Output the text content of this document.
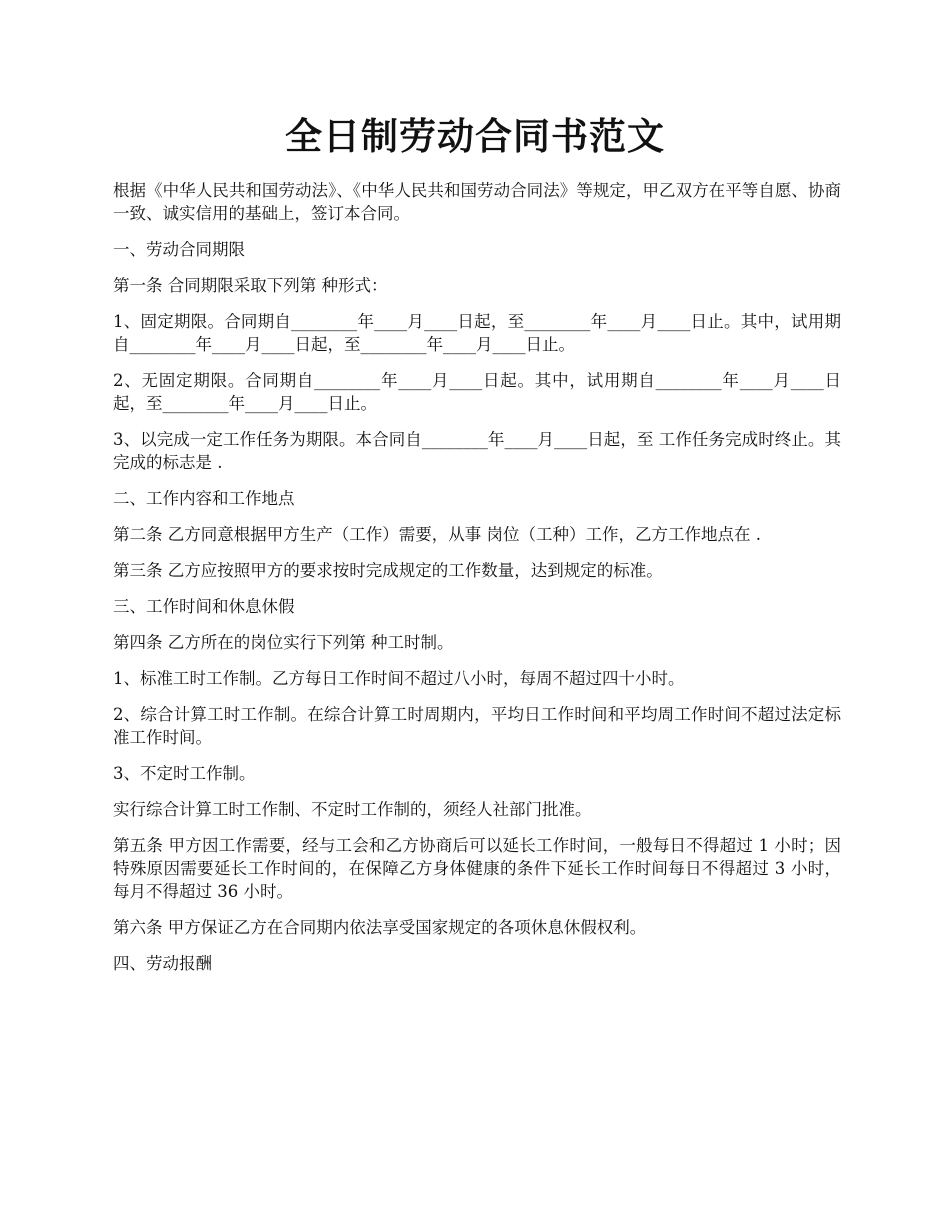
全日制劳动合同书范文

根据《中华人民共和国劳动法》、《中华人民共和国劳动合同法》等规定，甲乙双方在平等自愿、协商一致、诚实信用的基础上，签订本合同。

一、劳动合同期限

第一条 合同期限采取下列第 种形式：

1、固定期限。合同期自________年____月____日起，至________年____月____日止。其中，试用期自________年____月____日起，至________年____月____日止。

2、无固定期限。合同期自________年____月____日起。其中，试用期自________年____月____日起，至________年____月____日止。

3、以完成一定工作任务为期限。本合同自________年____月____日起，至 工作任务完成时终止。其完成的标志是 .

二、工作内容和工作地点

第二条 乙方同意根据甲方生产（工作）需要，从事 岗位（工种）工作，乙方工作地点在 .

第三条 乙方应按照甲方的要求按时完成规定的工作数量，达到规定的标准。

三、工作时间和休息休假

第四条 乙方所在的岗位实行下列第 种工时制。

1、标准工时工作制。乙方每日工作时间不超过八小时，每周不超过四十小时。

2、综合计算工时工作制。在综合计算工时周期内，平均日工作时间和平均周工作时间不超过法定标准工作时间。

3、不定时工作制。

实行综合计算工时工作制、不定时工作制的，须经人社部门批准。

第五条 甲方因工作需要，经与工会和乙方协商后可以延长工作时间，一般每日不得超过 1 小时；因特殊原因需要延长工作时间的，在保障乙方身体健康的条件下延长工作时间每日不得超过 3 小时，每月不得超过 36 小时。

第六条 甲方保证乙方在合同期内依法享受国家规定的各项休息休假权利。

四、劳动报酬
